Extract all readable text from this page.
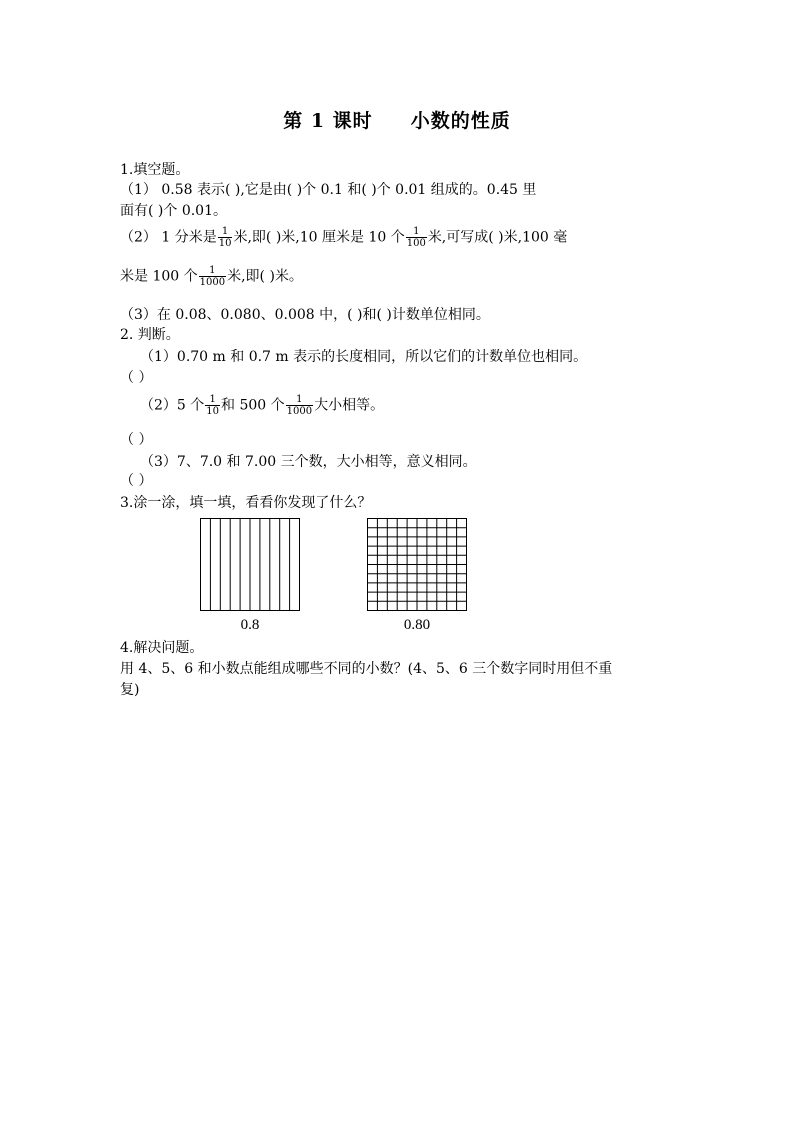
第 1 课时     小数的性质
1.填空题。
（1） 0.58 表示( ),它是由( )个 0.1 和( )个 0.01 组成的。0.45 里
面有( )个 0.01。
（2） 1 分米是 $\frac{1}{10}$ 米,即( )米,10 厘米是 10 个 $\frac{1}{100}$ 米,可写成( )米,100 毫
米是 100 个 $\frac{1}{1000}$ 米,即( )米。
（3）在 0.08、0.080、0.008 中，( )和( )计数单位相同。
2. 判断。
（1）0.70 m 和 0.7 m 表示的长度相同，所以它们的计数单位也相同。
（ ）
（2）5 个 $\frac{1}{10}$ 和 500 个 $\frac{1}{1000}$ 大小相等。
（ ）
（3）7、7.0 和 7.00 三个数，大小相等，意义相同。
（ ）
3.涂一涂，填一填，看看你发现了什么？
0.8	0.80
4.解决问题。
用 4、5、6 和小数点能组成哪些不同的小数？(4、5、6 三个数字同时用但不重
复)
